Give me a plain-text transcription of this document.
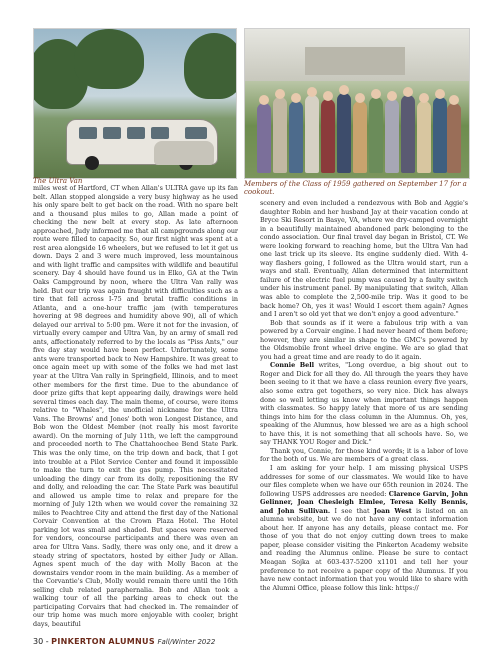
The Ultra Van	Members of the Class of 1959 gathered on September 17 for a cookout.

miles west of Hartford, CT when Allan's ULTRA gave up its fan belt. Allan stopped alongside a very busy highway as he used his only spare belt to get back on the road. With no spare belt and a thousand plus miles to go, Allan made a point of checking the new belt at every stop. As late afternoon approached, Judy informed me that all campgrounds along our route were filled to capacity. So, our first night was spent at a rest area alongside 16 wheelers, but we refused to let it get us down. Days 2 and 3 were much improved, less mountainous and with light traffic and campsites with wildlife and beautiful scenery. Day 4 should have found us in Elko, GA at the Twin Oaks Campground by noon, where the Ultra Van rally was held. But our trip was again fraught with difficulties such as a tire that fell across I-75 and brutal traffic conditions in Atlanta, and a one-hour traffic jam (with temperatures hovering at 98 degrees and humidity above 90), all of which delayed our arrival to 5:00 pm. Were it not for the invasion, of virtually every camper and Ultra Van, by an army of small red ants, affectionately referred to by the locals as "Piss Ants," our five day stay would have been perfect. Unfortunately, some ants were transported back to New Hampshire. It was great to once again meet up with some of the folks we had met last year at the Ultra Van rally in Springfield, Illinois, and to meet other members for the first time. Due to the abundance of door prize gifts that kept appearing daily, drawings were held several times each day. The main theme, of course, were items relative to "Whales", the unofficial nickname for the Ultra Vans. The Browns' and Jones' both won Longest Distance, and Bob won the Oldest Member (not really his most favorite award). On the morning of July 11th, we left the campground and proceeded north to The Chattahoochee Bend State Park. This was the only time, on the trip down and back, that I got into trouble at a Pilot Service Center and found it impossible to make the turn to exit the gas pump. This necessitated unloading the dingy car from its dolly, repositioning the RV and dolly, and reloading the car. The State Park was beautiful and allowed us ample time to relax and prepare for the morning of July 12th when we would cover the remaining 32 miles to Peachtree City and attend the first day of the National Corvair Convention at the Crown Plaza Hotel. The Hotel parking lot was small and shaded. But spaces were reserved for vendors, concourse participants and there was even an area for Ultra Vans. Sadly, there was only one, and it drew a steady string of spectators, hosted by either Judy or Allan. Agnes spent much of the day with Molly Bacon at the downstairs vendor room in the main building. As a member of the Corvantie's Club, Molly would remain there until the 16th selling club related paraphernalia. Bob and Allan took a walking tour of all the parking areas to check out the participating Corvairs that had checked in. The remainder of our trip home was much more enjoyable with cooler, bright days, beautiful

scenery and even included a rendezvous with Bob and Aggie's daughter Robin and her husband Jay at their vacation condo at Bryce Ski Resort in Basye, VA, where we dry-camped overnight in a beautifully maintained abandoned park belonging to the condo association. Our final travel day began in Bristol, CT. We were looking forward to reaching home, but the Ultra Van had one last trick up its sleeve. Its engine suddenly died. With 4-way flashers going, I followed as the Ultra would start, run a ways and stall. Eventually, Allan determined that intermittent failure of the electric fuel pump was caused by a faulty switch under his instrument panel. By manipulating that switch, Allan was able to complete the 2,500-mile trip. Was it good to be back home? Oh, yes it was! Would I escort them again? Agnes and I aren't so old yet that we don't enjoy a good adventure."

Bob that sounds as if it were a fabulous trip with a van powered by a Corvair engine. I had never heard of them before; however, they are similar in shape to the GMC's powered by the Oldsmobile front wheel drive engine. We are so glad that you had a great time and are ready to do it again.

Connie Bell writes, "Long overdue, a big shout out to Roger and Dick for all they do. All through the years they have been seeing to it that we have a class reunion every five years, also some extra get togethers, so very nice. Dick has always done so well letting us know when important things happen with classmates. So happy lately that more of us are sending things into him for the class column in the Alumnus. Oh, yes, speaking of the Alumnus, how blessed we are as a high school to have this, it is not something that all schools have. So, we say THANK YOU Roger and Dick."

Thank you, Connie, for those kind words; it is a labor of love for the both of us. We are members of a great class.

I am asking for your help. I am missing physical USPS addresses for some of our classmates. We would like to have our files complete when we have our 65th reunion in 2024. The following USPS addresses are needed: Clarence Garvin, John Gelinner, Joan Chesleigh Elmlee, Teresa Kelly Bennis, and John Sullivan. I see that Joan West is listed on an alumna website, but we do not have any contact information about her. If anyone has any details, please contact me. For those of you that do not enjoy cutting down trees to make paper, please consider visiting the Pinkerton Academy website and reading the Alumnus online. Please be sure to contact Meagan Sojka at 603-437-5200 x1101 and tell her your preference to not receive a paper copy of the Alumnus. If you have new contact information that you would like to share with the Alumni Office, please follow this link: https://

30 - PINKERTON ALUMNUS Fall/Winter 2022
